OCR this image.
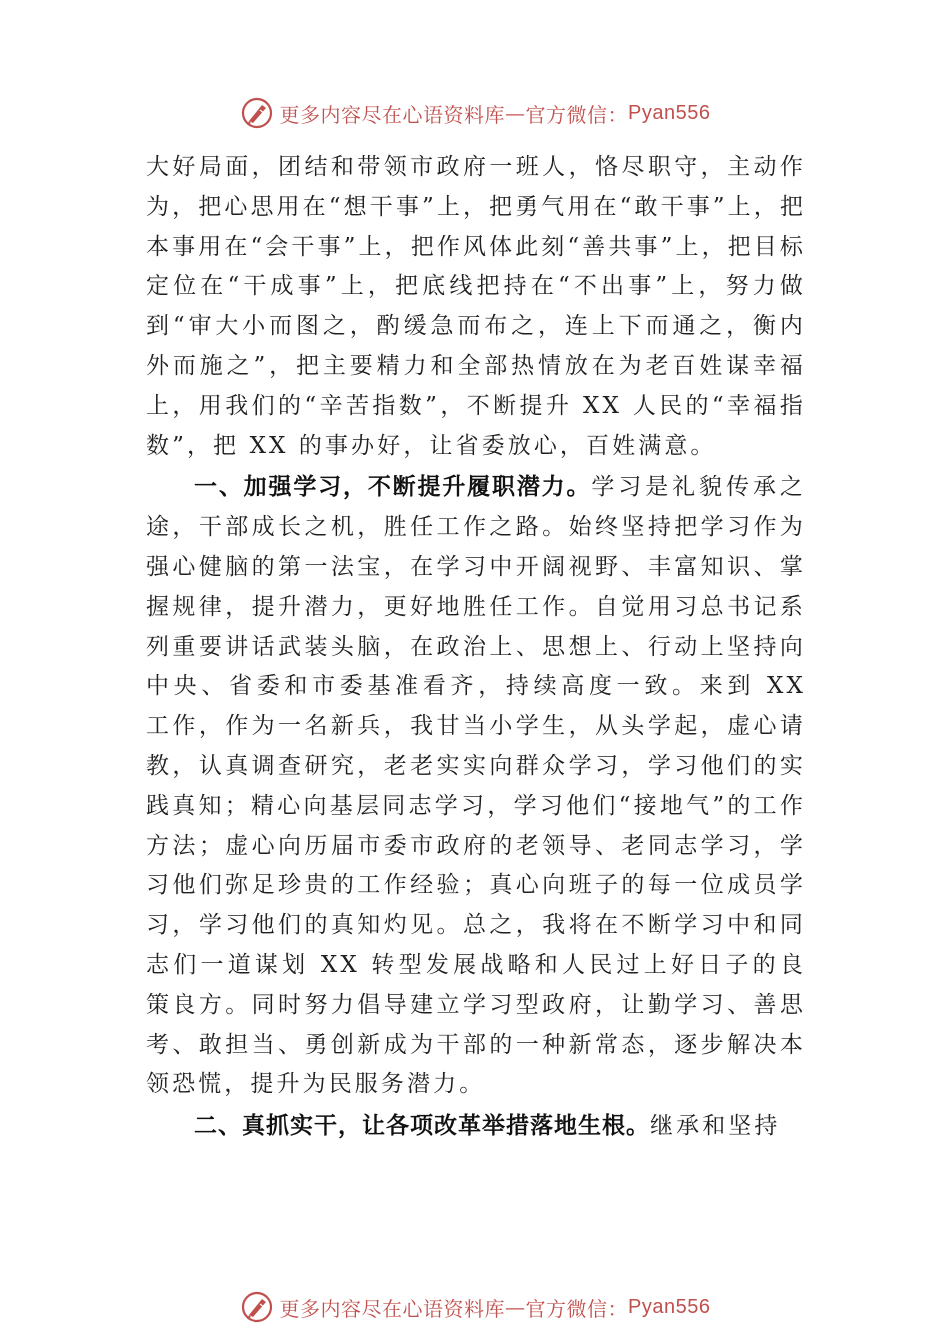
更多内容尽在心语资料库 — 官方微信： Pyan556

大好局面，团结和带领市政府一班人，恪尽职守，主动作为，把心思用在“想干事”上，把勇气用在“敢干事”上，把本事用在“会干事”上，把作风体此刻“善共事”上，把目标定位在“干成事”上，把底线把持在“不出事”上，努力做到“审大小而图之，酌缓急而布之，连上下而通之，衡内外而施之”，把主要精力和全部热情放在为老百姓谋幸福上，用我们的“辛苦指数”，不断提升 XX 人民的“幸福指数”，把 XX 的事办好，让省委放心，百姓满意。

一、加强学习，不断提升履职潜力。学习是礼貌传承之途，干部成长之机，胜任工作之路。始终坚持把学习作为强心健脑的第一法宝，在学习中开阔视野、丰富知识、掌握规律，提升潜力，更好地胜任工作。自觉用习总书记系列重要讲话武装头脑，在政治上、思想上、行动上坚持向中央、省委和市委基准看齐，持续高度一致。来到 XX 工作，作为一名新兵，我甘当小学生，从头学起，虚心请教，认真调查研究，老老实实向群众学习，学习他们的实践真知；精心向基层同志学习，学习他们“接地气”的工作方法；虚心向历届市委市政府的老领导、老同志学习，学习他们弥足珍贵的工作经验；真心向班子的每一位成员学习，学习他们的真知灼见。总之，我将在不断学习中和同志们一道谋划 XX 转型发展战略和人民过上好日子的良策良方。同时努力倡导建立学习型政府，让勤学习、善思考、敢担当、勇创新成为干部的一种新常态，逐步解决本领恐慌，提升为民服务潜力。

二、真抓实干，让各项改革举措落地生根。继承和坚持

更多内容尽在心语资料库 — 官方微信： Pyan556
